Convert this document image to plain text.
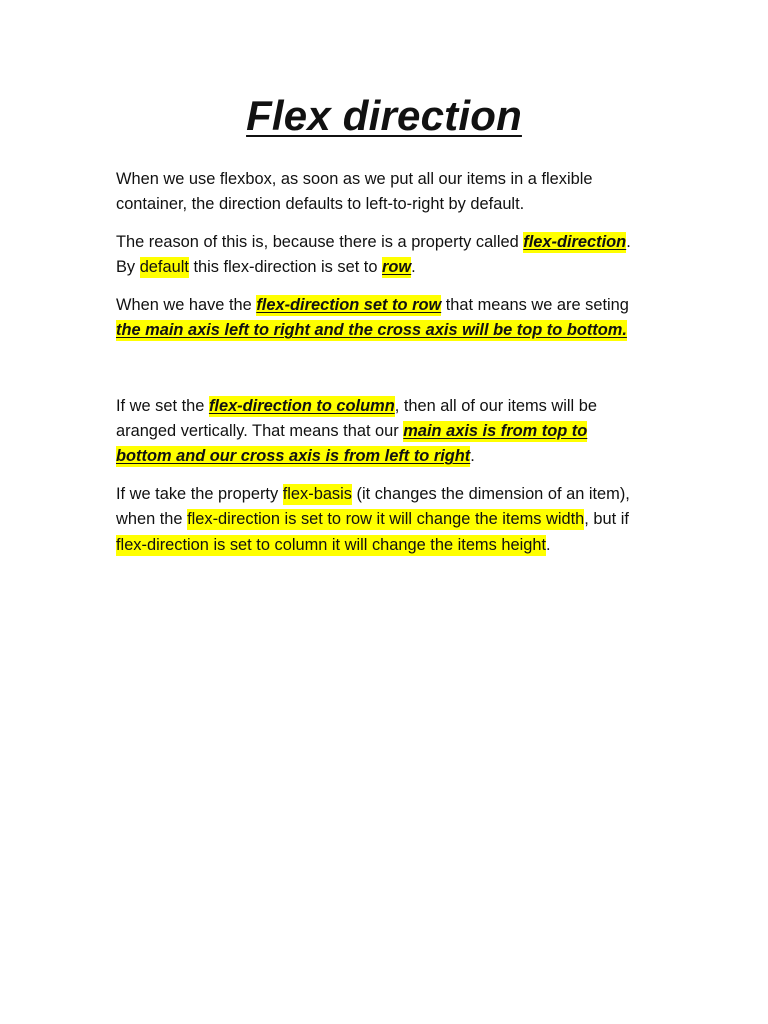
Flex direction

When we use flexbox, as soon as we put all our items in a flexible container, the direction defaults to left-to-right by default.

The reason of this is, because there is a property called flex-direction. By default this flex-direction is set to row.

When we have the flex-direction set to row that means we are seting the main axis left to right and the cross axis will be top to bottom.

If we set the flex-direction to column, then all of our items will be aranged vertically. That means that our main axis is from top to bottom and our cross axis is from left to right.

If we take the property flex-basis (it changes the dimension of an item), when the flex-direction is set to row it will change the items width, but if flex-direction is set to column it will change the items height.
